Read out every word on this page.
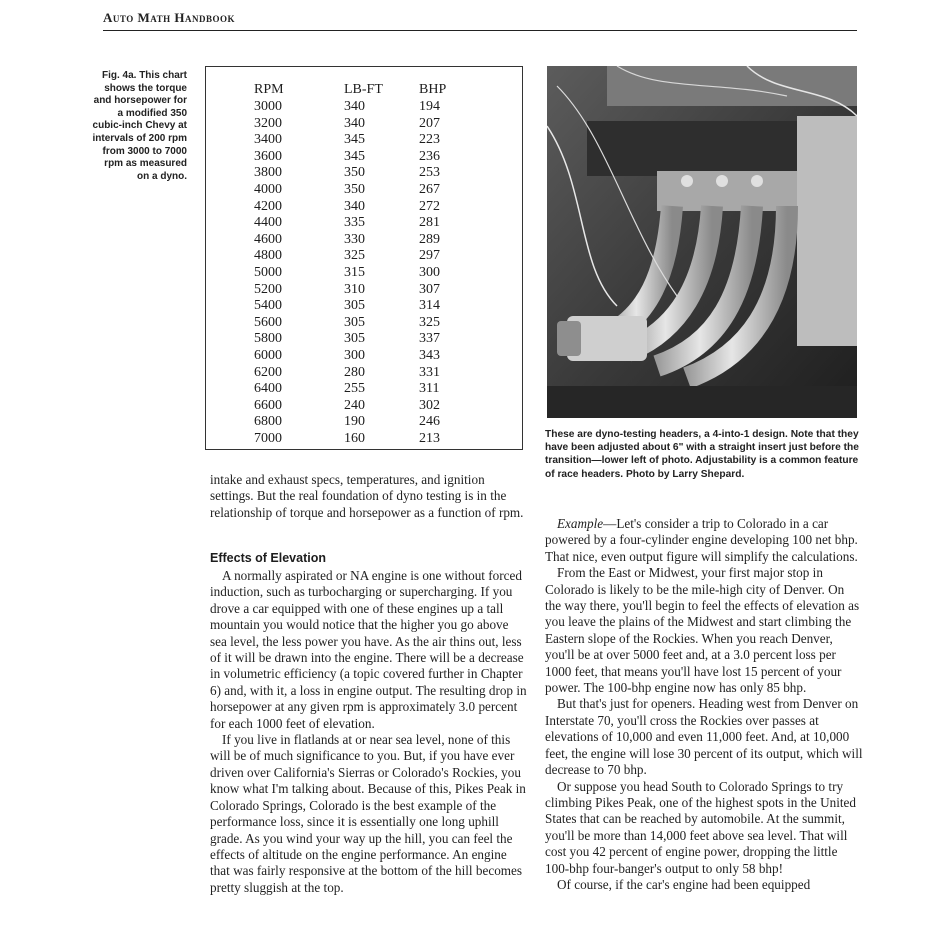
Auto Math Handbook
Fig. 4a. This chart shows the torque and horsepower for a modified 350 cubic-inch Chevy at intervals of 200 rpm from 3000 to 7000 rpm as measured on a dyno.
RPM	LB-FT	BHP
3000	340	194
3200	340	207
3400	345	223
3600	345	236
3800	350	253
4000	350	267
4200	340	272
4400	335	281
4600	330	289
4800	325	297
5000	315	300
5200	310	307
5400	305	314
5600	305	325
5800	305	337
6000	300	343
6200	280	331
6400	255	311
6600	240	302
6800	190	246
7000	160	213	These are dyno-testing headers, a 4-into-1 design. Note that they have been adjusted about 6" with a straight insert just before the transition—lower left of photo. Adjustability is a common feature of race headers. Photo by Larry Shepard.

intake and exhaust specs, temperatures, and ignition settings. But the real foundation of dyno testing is in the relationship of torque and horsepower as a function of rpm.

Effects of Elevation

A normally aspirated or NA engine is one without forced induction, such as turbocharging or supercharging. If you drove a car equipped with one of these engines up a tall mountain you would notice that the higher you go above sea level, the less power you have. As the air thins out, less of it will be drawn into the engine. There will be a decrease in volumetric efficiency (a topic covered further in Chapter 6) and, with it, a loss in engine output. The resulting drop in horsepower at any given rpm is approximately 3.0 percent for each 1000 feet of elevation.

If you live in flatlands at or near sea level, none of this will be of much significance to you. But, if you have ever driven over California's Sierras or Colorado's Rockies, you know what I'm talking about. Because of this, Pikes Peak in Colorado Springs, Colorado is the best example of the performance loss, since it is essentially one long uphill grade. As you wind your way up the hill, you can feel the effects of altitude on the engine performance. An engine that was fairly responsive at the bottom of the hill becomes pretty sluggish at the top.

Example—Let's consider a trip to Colorado in a car powered by a four-cylinder engine developing 100 net bhp. That nice, even output figure will simplify the calculations.

From the East or Midwest, your first major stop in Colorado is likely to be the mile-high city of Denver. On the way there, you'll begin to feel the effects of elevation as you leave the plains of the Midwest and start climbing the Eastern slope of the Rockies. When you reach Denver, you'll be at over 5000 feet and, at a 3.0 percent loss per 1000 feet, that means you'll have lost 15 percent of your power. The 100-bhp engine now has only 85 bhp.

But that's just for openers. Heading west from Denver on Interstate 70, you'll cross the Rockies over passes at elevations of 10,000 and even 11,000 feet. And, at 10,000 feet, the engine will lose 30 percent of its output, which will decrease to 70 bhp.

Or suppose you head South to Colorado Springs to try climbing Pikes Peak, one of the highest spots in the United States that can be reached by automobile. At the summit, you'll be more than 14,000 feet above sea level. That will cost you 42 percent of engine power, dropping the little 100-bhp four-banger's output to only 58 bhp!

Of course, if the car's engine had been equipped
